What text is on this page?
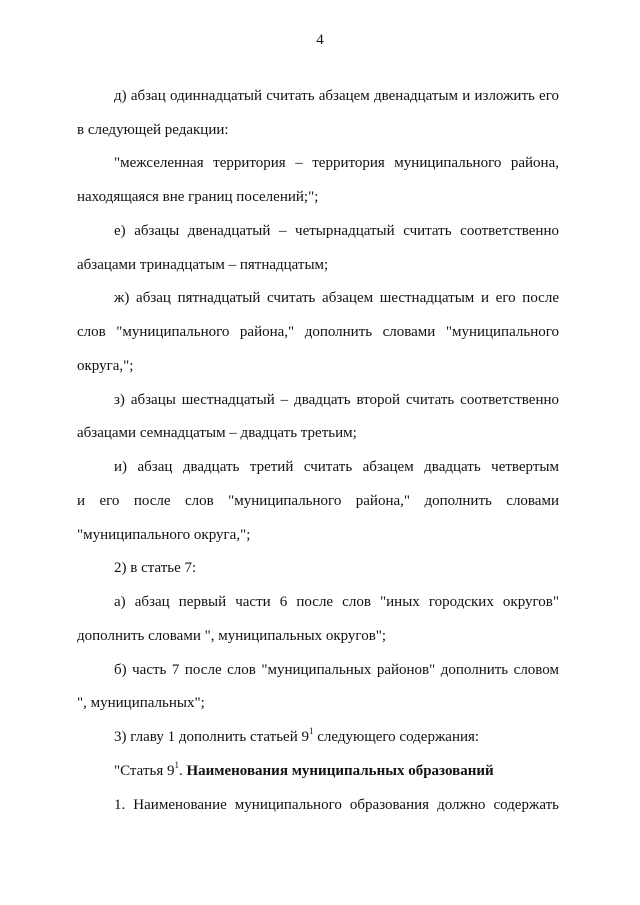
4
д) абзац одиннадцатый считать абзацем двенадцатым и изложить его
в следующей редакции:
"межселенная территория – территория муниципального района,
находящаяся вне границ поселений;";
е) абзацы двенадцатый – четырнадцатый считать соответственно
абзацами тринадцатым – пятнадцатым;
ж) абзац пятнадцатый считать абзацем шестнадцатым и его после
слов "муниципального района," дополнить словами "муниципального
округа,";
з) абзацы шестнадцатый – двадцать второй считать соответственно
абзацами семнадцатым – двадцать третьим;
и) абзац двадцать третий считать абзацем двадцать четвертым
и его после слов "муниципального района," дополнить словами
"муниципального округа,";
2) в статье 7:
а) абзац первый части 6 после слов "иных городских округов"
дополнить словами ", муниципальных округов";
б) часть 7 после слов "муниципальных районов" дополнить словом
", муниципальных";
3) главу 1 дополнить статьей $9^1$ следующего содержания:
"Статья $9^1$. Наименования муниципальных образований
1. Наименование муниципального образования должно содержать
